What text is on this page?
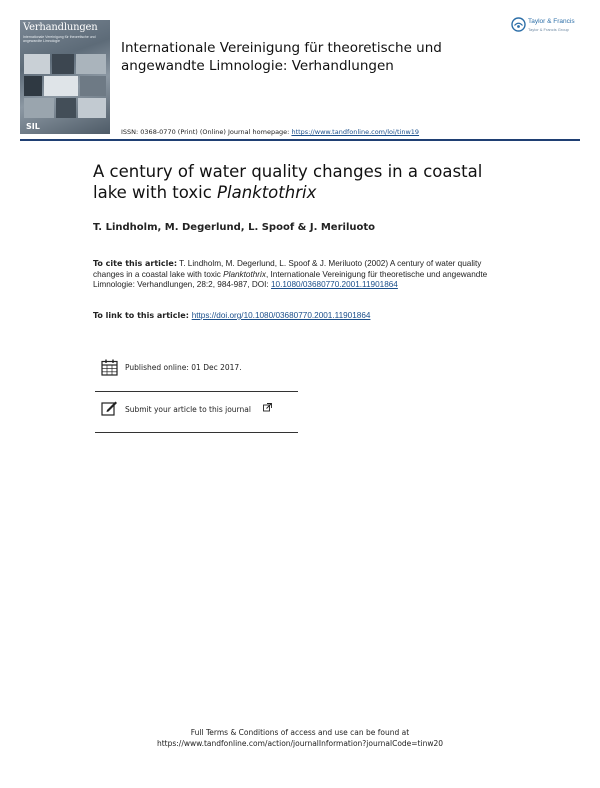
Verhandlungen
Internationale Vereinigung für theoretische und angewandte Limnologie
SIL
Internationale Vereinigung für theoretische und angewandte Limnologie: Verhandlungen
Taylor & Francis
Taylor & Francis Group
ISSN: 0368-0770 (Print) (Online) Journal homepage: https://www.tandfonline.com/loi/tinw19
A century of water quality changes in a coastal lake with toxic Planktothrix
T. Lindholm, M. Degerlund, L. Spoof & J. Meriluoto
To cite this article: T. Lindholm, M. Degerlund, L. Spoof & J. Meriluoto (2002) A century of water quality changes in a coastal lake with toxic Planktothrix, Internationale Vereinigung für theoretische und angewandte Limnologie: Verhandlungen, 28:2, 984-987, DOI: 10.1080/03680770.2001.11901864
To link to this article: https://doi.org/10.1080/03680770.2001.11901864
Published online: 01 Dec 2017.
Submit your article to this journal
Full Terms & Conditions of access and use can be found at
https://www.tandfonline.com/action/journalInformation?journalCode=tinw20
